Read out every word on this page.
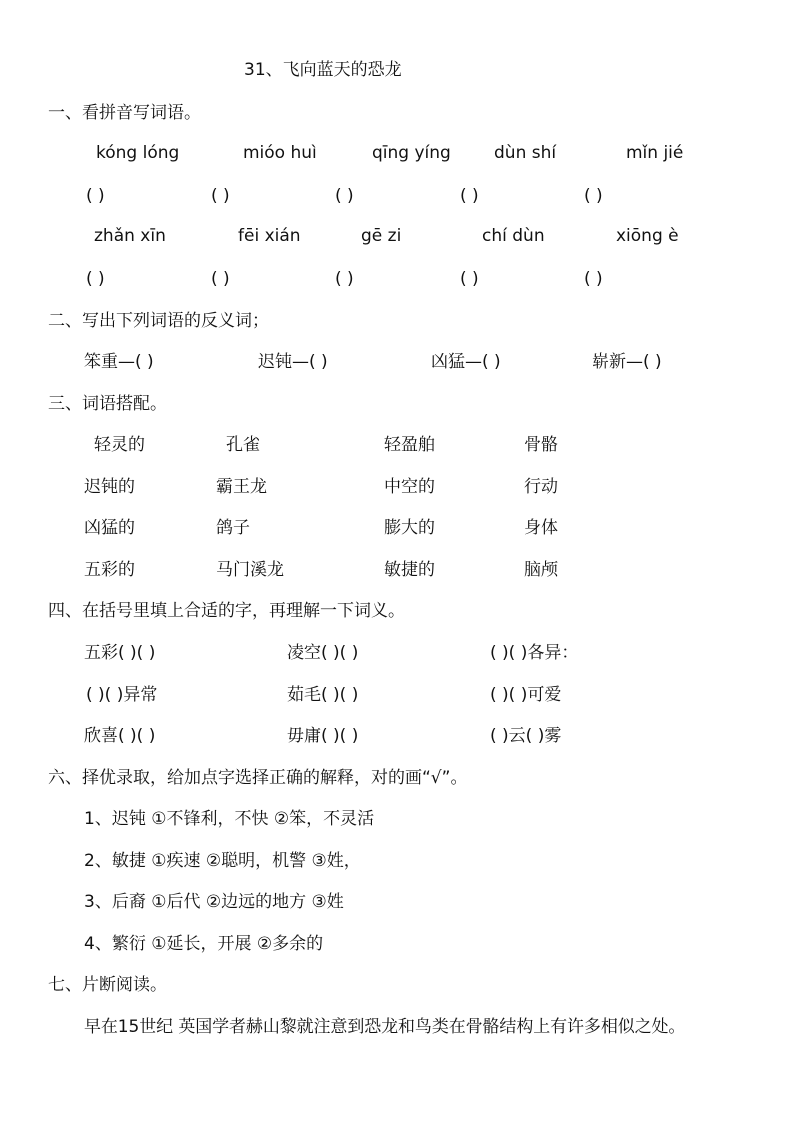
31、飞向蓝天的恐龙
一、看拼音写词语。
kóng lóng	mióo huì	qīng yíng	dùn shí	mǐn jié
( )	( )	( )	( )	( )
zhǎn xīn	fēi xián	gē zi	chí dùn	xiōng è
( )	( )	( )	( )	( )
二、写出下列词语的反义词；
笨重—( )	迟钝—( )	凶猛—( )	崭新—( )
三、词语搭配。
轻灵的	孔雀	轻盈舶	骨骼
迟钝的	霸王龙	中空的	行动
凶猛的	鸽子	膨大的	身体
五彩的	马门溪龙	敏捷的	脑颅
四、在括号里填上合适的字，再理解一下词义。
五彩( )( )	凌空( )( )	( )( )各异：
( )( )异常	茹毛( )( )	( )( )可爱
欣喜( )( )	毋庸( )( )	( )云( )雾
六、择优录取，给加点字选择正确的解释，对的画“√”。
1、迟钝 ①不锋利，不快 ②笨，不灵活
2、敏捷 ①疾速 ②聪明，机警 ③姓，
3、后裔 ①后代 ②边远的地方 ③姓
4、繁衍 ①延长，开展 ②多余的
七、片断阅读。
早在15世纪 英国学者赫山黎就注意到恐龙和鸟类在骨骼结构上有许多相似之处。
